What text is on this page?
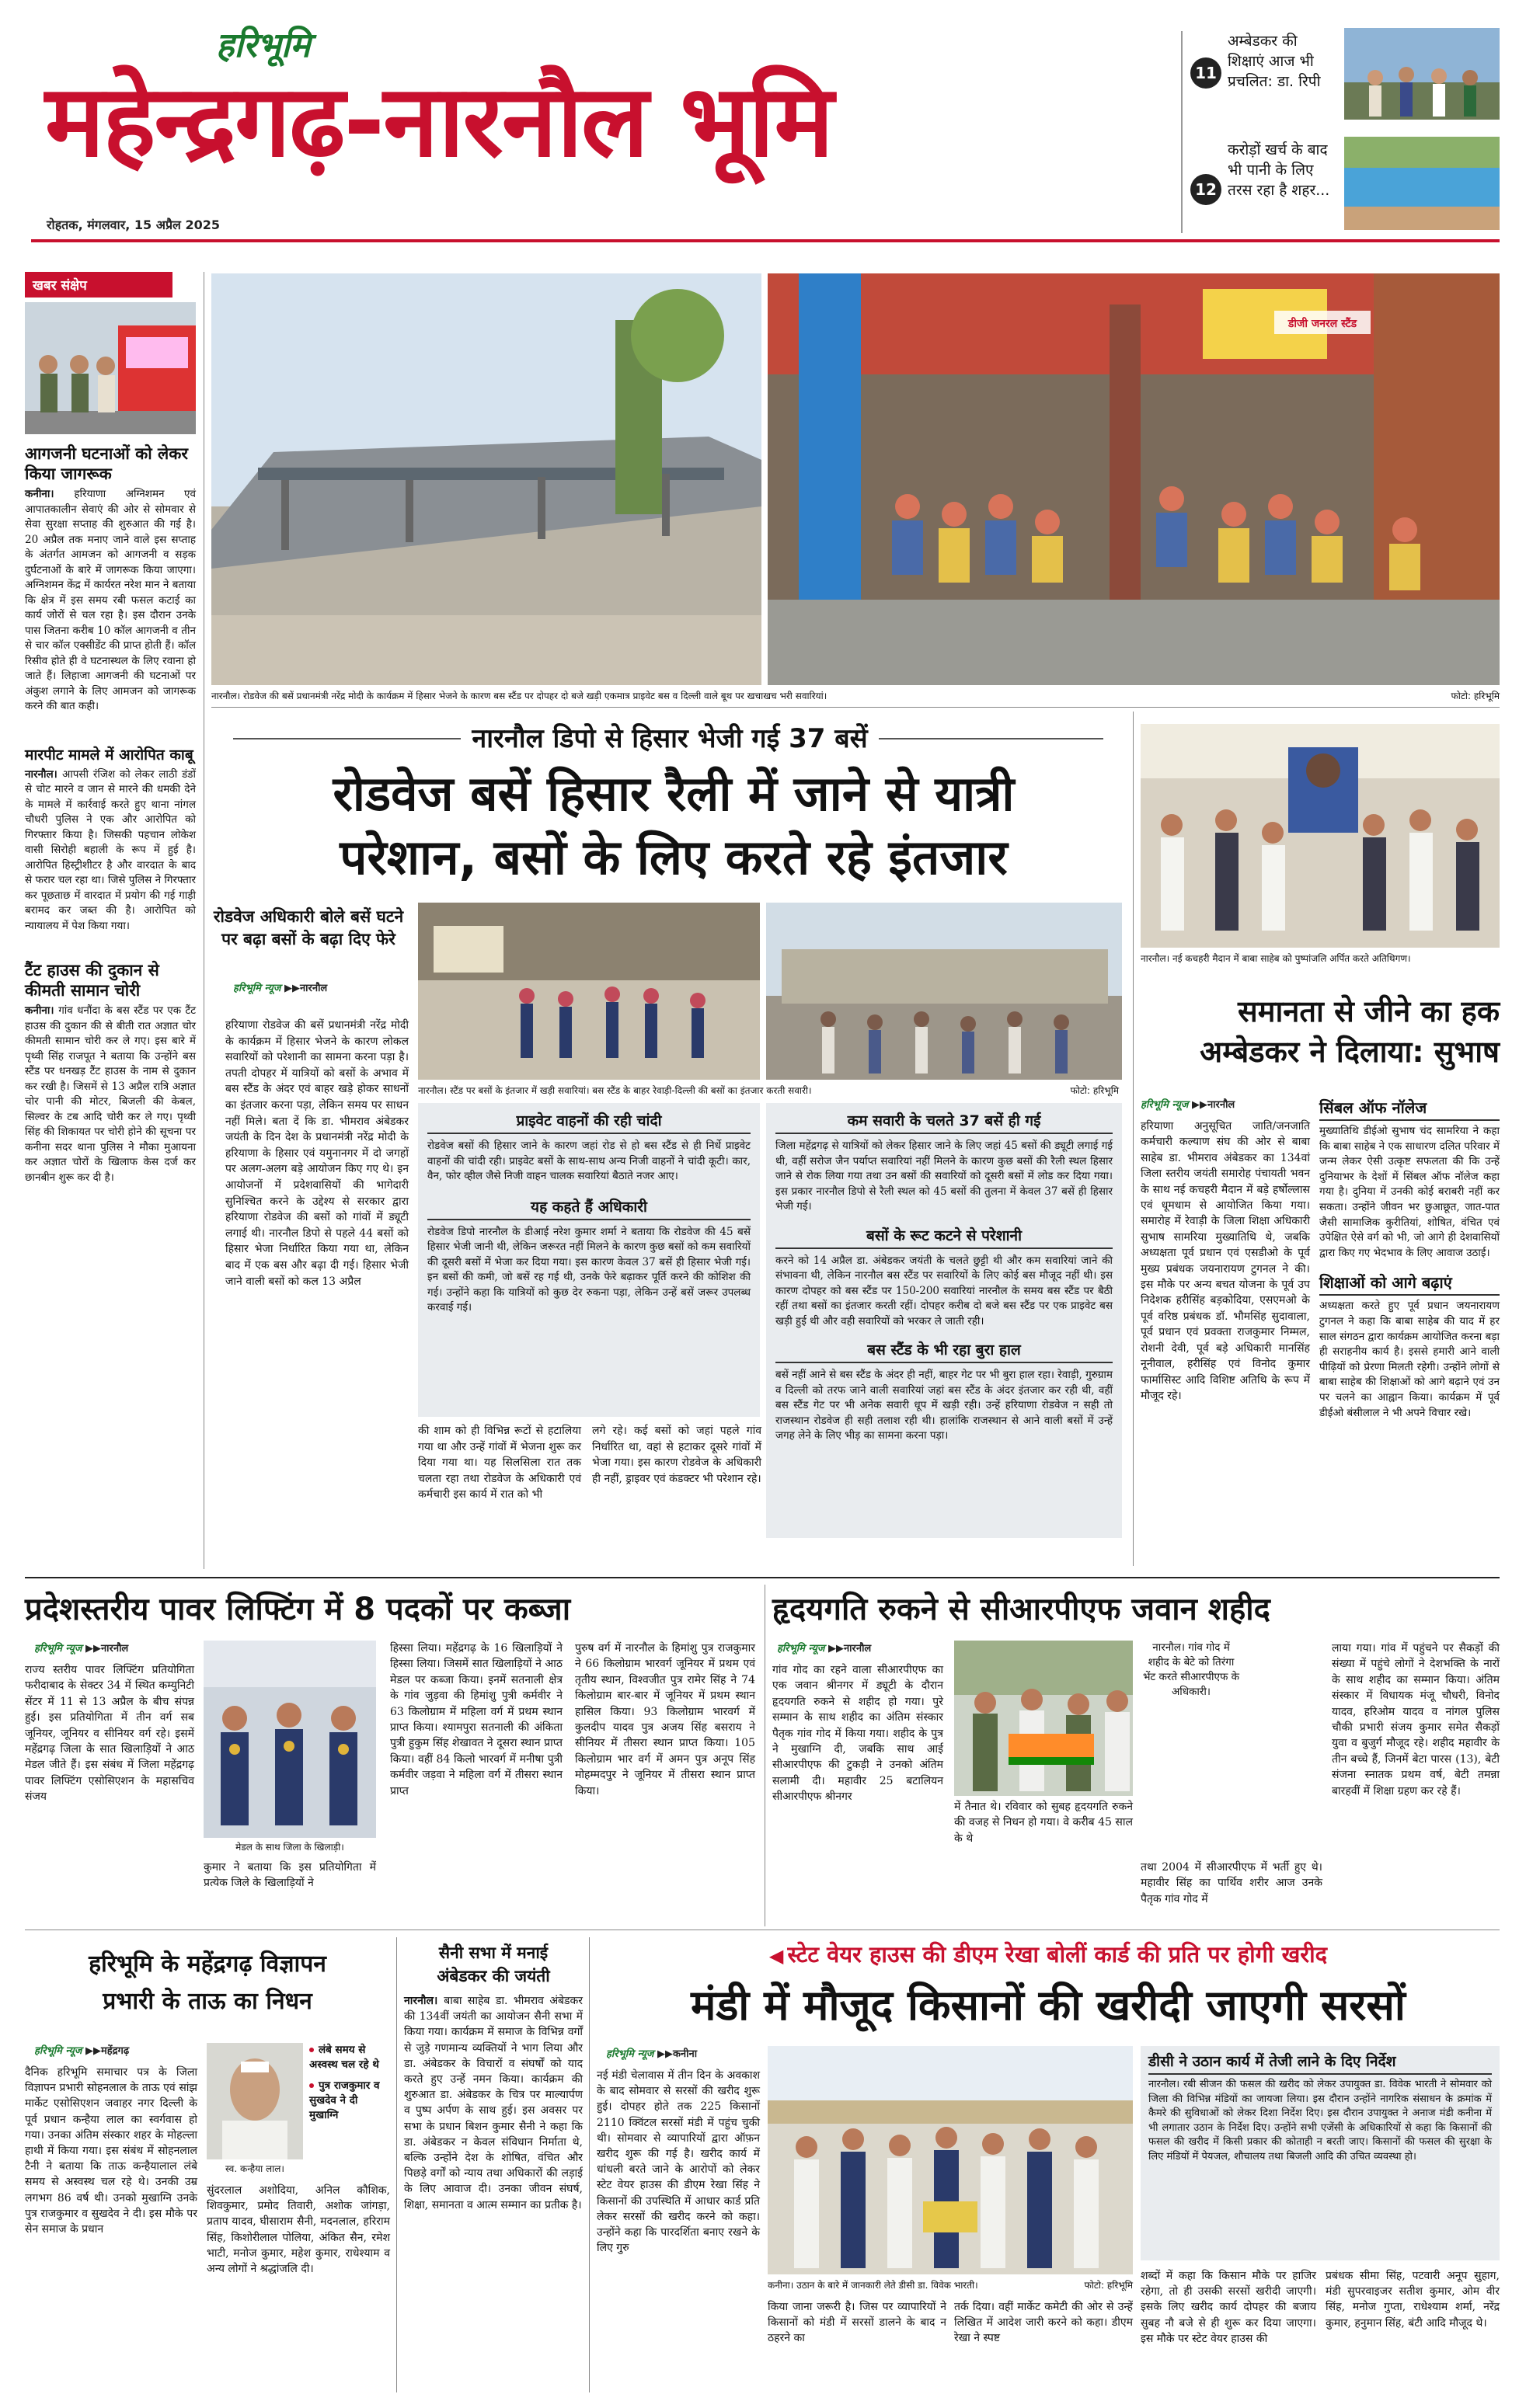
हरिभूमि
महेन्द्रगढ़-नारनौल भूमि
रोहतक, मंगलवार, 15 अप्रैल 2025
11
अम्बेडकर की शिक्षाएं आज भी प्रचलित: डा. रिपी
12
करोड़ों खर्च के बाद भी पानी के लिए तरस रहा है शहर...
खबर संक्षेप
आगजनी घटनाओं को लेकर किया जागरूक
कनीना। हरियाणा अग्निशमन एवं आपातकालीन सेवाएं की ओर से सोमवार से सेवा सुरक्षा सप्ताह की शुरुआत की गई है। 20 अप्रैल तक मनाए जाने वाले इस सप्ताह के अंतर्गत आमजन को आगजनी व सड़क दुर्घटनाओं के बारे में जागरूक किया जाएगा। अग्निशमन केंद्र में कार्यरत नरेश मान ने बताया कि क्षेत्र में इस समय रबी फसल कटाई का कार्य जोरों से चल रहा है। इस दौरान उनके पास जितना करीब 10 कॉल आगजनी व तीन से चार कॉल एक्सीडेंट की प्राप्त होती हैं। कॉल रिसीव होते ही वे घटनास्थल के लिए रवाना हो जाते हैं। लिहाजा आगजनी की घटनाओं पर अंकुश लगाने के लिए आमजन को जागरूक करने की बात कही।
मारपीट मामले में आरोपित काबू
नारनौल। आपसी रंजिश को लेकर लाठी डंडों से चोट मारने व जान से मारने की धमकी देने के मामले में कार्रवाई करते हुए थाना नांगल चौधरी पुलिस ने एक और आरोपित को गिरफ्तार किया है। जिसकी पहचान लोकेश वासी सिरोही बहाली के रूप में हुई है। आरोपित हिस्ट्रीशीटर है और वारदात के बाद से फरार चल रहा था। जिसे पुलिस ने गिरफ्तार कर पूछताछ में वारदात में प्रयोग की गई गाड़ी बरामद कर जब्त की है। आरोपित को न्यायालय में पेश किया गया।
टैंट हाउस की दुकान से कीमती सामान चोरी
कनीना। गांव धनौंदा के बस स्टैंड पर एक टैंट हाउस की दुकान की से बीती रात अज्ञात चोर कीमती सामान चोरी कर ले गए। इस बारे में पृथ्वी सिंह राजपूत ने बताया कि उन्होंने बस स्टैंड पर धनखड़ टैंट हाउस के नाम से दुकान कर रखी है। जिसमें से 13 अप्रैल रात्रि अज्ञात चोर पानी की मोटर, बिजली की केबल, सिल्वर के टब आदि चोरी कर ले गए। पृथ्वी सिंह की शिकायत पर चोरी होने की सूचना पर कनीना सदर थाना पुलिस ने मौका मुआयना कर अज्ञात चोरों के खिलाफ केस दर्ज कर छानबीन शुरू कर दी है।
डीजी जनरल स्टैंड
नारनौल। रोडवेज की बसें प्रधानमंत्री नरेंद्र मोदी के कार्यक्रम में हिसार भेजने के कारण बस स्टैंड पर दोपहर दो बजे खड़ी एकमात्र प्राइवेट बस व दिल्ली वाले बूथ पर खचाखच भरी सवारियां।	फोटो: हरिभूमि
नारनौल डिपो से हिसार भेजी गई 37 बसें
रोडवेज बसें हिसार रैली में जाने से यात्री
परेशान, बसों के लिए करते रहे इंतजार
रोडवेज अधिकारी बोले बसें घटने पर बढ़ा बसों के बढ़ा दिए फेरे
हरिभूमि न्यूज ▶▶नारनौल
नारनौल। स्टैंड पर बसों के इंतजार में खड़ी सवारियां। बस स्टैंड के बाहर रेवाड़ी-दिल्ली की बसों का इंतजार करती सवारी।	फोटो: हरिभूमि
हरियाणा रोडवेज की बसें प्रधानमंत्री नरेंद्र मोदी के कार्यक्रम में हिसार भेजने के कारण लोकल सवारियों को परेशानी का सामना करना पड़ा है। तपती दोपहर में यात्रियों को बसों के अभाव में बस स्टैंड के अंदर एवं बाहर खड़े होकर साधनों का इंतजार करना पड़ा, लेकिन समय पर साधन नहीं मिले। बता दें कि डा. भीमराव अंबेडकर जयंती के दिन देश के प्रधानमंत्री नरेंद्र मोदी के हरियाणा के हिसार एवं यमुनानगर में दो जगहों पर अलग-अलग बड़े आयोजन किए गए थे। इन आयोजनों में प्रदेशवासियों की भागेदारी सुनिश्चित करने के उद्देश्य से सरकार द्वारा हरियाणा रोडवेज की बसों को गांवों में ड्यूटी लगाई थी। नारनौल डिपो से पहले 44 बसों को हिसार भेजा निर्धारित किया गया था, लेकिन बाद में एक बस और बढ़ा दी गई। हिसार भेजी जाने वाली बसों को कल 13 अप्रैल
की शाम को ही विभिन्न रूटों से हटालिया गया था और उन्हें गांवों में भेजना शुरू कर दिया गया था। यह सिलसिला रात तक चलता रहा तथा रोडवेज के अधिकारी एवं कर्मचारी इस कार्य में रात को भी
लगे रहे। कई बसों को जहां पहले गांव निर्धारित था, वहां से हटाकर दूसरे गांवों में भेजा गया। इस कारण रोडवेज के अधिकारी ही नहीं, ड्राइवर एवं कंडक्टर भी परेशान रहे।
प्राइवेट वाहनों की रही चांदी
रोडवेज बसों की हिसार जाने के कारण जहां रोड से हो बस स्टैंड से ही निर्धे प्राइवेट वाहनों की चांदी रही। प्राइवेट बसों के साथ-साथ अन्य निजी वाहनों ने चांदी कूटी। कार, वैन, फोर व्हील जैसे निजी वाहन चालक सवारियां बैठाते नजर आए।
यह कहते हैं अधिकारी
रोडवेज डिपो नारनौल के डीआई नरेश कुमार शर्मा ने बताया कि रोडवेज की 45 बसें हिसार भेजी जानी थी, लेकिन जरूरत नहीं मिलने के कारण कुछ बसों को कम सवारियों की दूसरी बसों में भेजा कर दिया गया। इस कारण केवल 37 बसें ही हिसार भेजी गई। इन बसों की कमी, जो बसें रह गई थी, उनके फेरे बढ़ाकर पूर्ति करने की कोशिश की गई। उन्होंने कहा कि यात्रियों को कुछ देर रुकना पड़ा, लेकिन उन्हें बसें जरूर उपलब्ध करवाई गई।
कम सवारी के चलते 37 बसें ही गई
जिला महेंद्रगढ़ से यात्रियों को लेकर हिसार जाने के लिए जहां 45 बसों की ड्यूटी लगाई गई थी, वहीं सरोज जैन पर्याप्त सवारियां नहीं मिलने के कारण कुछ बसों की रैली स्थल हिसार जाने से रोक लिया गया तथा उन बसों की सवारियों को दूसरी बसों में लोड कर दिया गया। इस प्रकार नारनौल डिपो से रैली स्थल को 45 बसों की तुलना में केवल 37 बसें ही हिसार भेजी गई।
बसों के रूट कटने से परेशानी
करने को 14 अप्रैल डा. अंबेडकर जयंती के चलते छुट्टी थी और कम सवारियां जाने की संभावना थी, लेकिन नारनौल बस स्टैंड पर सवारियों के लिए कोई बस मौजूद नहीं थी। इस कारण दोपहर को बस स्टैंड पर 150-200 सवारियां नारनौल के समय बस स्टैंड पर बैठी रहीं तथा बसों का इंतजार करती रहीं। दोपहर करीब दो बजे बस स्टैंड पर एक प्राइवेट बस खड़ी हुई थी और वही सवारियों को भरकर ले जाती रही।
बस स्टैंड के भी रहा बुरा हाल
बसें नहीं आने से बस स्टैंड के अंदर ही नहीं, बाहर गेट पर भी बुरा हाल रहा। रेवाड़ी, गुरुग्राम व दिल्ली को तरफ जाने वाली सवारियां जहां बस स्टैंड के अंदर इंतजार कर रही थी, वहीं बस स्टैंड गेट पर भी अनेक सवारी धूप में खड़ी रही। उन्हें हरियाणा रोडवेज न सही तो राजस्थान रोडवेज ही सही तलाश रही थी। हालांकि राजस्थान से आने वाली बसों में उन्हें जगह लेने के लिए भीड़ का सामना करना पड़ा।
नारनौल। नई कचहरी मैदान में बाबा साहेब को पुष्पांजलि अर्पित करते अतिथिगण।
समानता से जीने का हक
अम्बेडकर ने दिलाया: सुभाष
हरिभूमि न्यूज ▶▶नारनौल
हरियाणा अनुसूचित जाति/जनजाति कर्मचारी कल्याण संघ की ओर से बाबा साहेब डा. भीमराव अंबेडकर का 134वां जिला स्तरीय जयंती समारोह पंचायती भवन के साथ नई कचहरी मैदान में बड़े हर्षोल्लास एवं धूमधाम से आयोजित किया गया। समारोह में रेवाड़ी के जिला शिक्षा अधिकारी सुभाष सामरिया मुख्यातिथि थे, जबकि अध्यक्षता पूर्व प्रधान एवं एसडीओ के पूर्व मुख्य प्रबंधक जयनारायण टुगनल ने की। इस मौके पर अन्य बचत योजना के पूर्व उप निदेशक हरीसिंह बड़कोदिया, एसएमओ के पूर्व वरिष्ठ प्रबंधक डॉ. भौमसिंह सुदावाला, पूर्व प्रधान एवं प्रवक्ता राजकुमार निम्मल, रोशनी देवी, पूर्व बड़े अधिकारी मानसिंह नूनीवाल, हरीसिंह एवं विनोद कुमार फार्मासिस्ट आदि विशिष्ट अतिथि के रूप में मौजूद रहे।
सिंबल ऑफ नॉलेज
मुख्यातिथि डीईओ सुभाष चंद सामरिया ने कहा कि बाबा साहेब ने एक साधारण दलित परिवार में जन्म लेकर ऐसी उत्कृष्ट सफलता की कि उन्हें दुनियाभर के देशों में सिंबल ऑफ नॉलेज कहा गया है। दुनिया में उनकी कोई बराबरी नहीं कर सकता। उन्होंने जीवन भर छुआछूत, जात-पात जैसी सामाजिक कुरीतियां, शोषित, वंचित एवं उपेक्षित ऐसे वर्ग को भी, जो आगे ही देशवासियों द्वारा किए गए भेदभाव के लिए आवाज उठाई।
शिक्षाओं को आगे बढ़ाएं
अध्यक्षता करते हुए पूर्व प्रधान जयनारायण टुगनल ने कहा कि बाबा साहेब की याद में हर साल संगठन द्वारा कार्यक्रम आयोजित करना बड़ा ही सराहनीय कार्य है। इससे हमारी आने वाली पीढ़ियों को प्रेरणा मिलती रहेगी। उन्होंने लोगों से बाबा साहेब की शिक्षाओं को आगे बढ़ाने एवं उन पर चलने का आह्वान किया। कार्यक्रम में पूर्व डीईओ बंसीलाल ने भी अपने विचार रखे।
प्रदेशस्तरीय पावर लिफ्टिंग में 8 पदकों पर कब्जा
हरिभूमि न्यूज ▶▶नारनौल
राज्य स्तरीय पावर लिफ्टिंग प्रतियोगिता फरीदाबाद के सेक्टर 34 में स्थित कम्युनिटी सेंटर में 11 से 13 अप्रैल के बीच संपन्न हुई। इस प्रतियोगिता में तीन वर्ग सब जूनियर, जूनियर व सीनियर वर्ग रहे। इसमें महेंद्रगढ़ जिला के सात खिलाड़ियों ने आठ मेडल जीते हैं। इस संबंध में जिला महेंद्रगढ़ पावर लिफ्टिंग एसोसिएशन के महासचिव संजय
मेडल के साथ जिला के खिलाड़ी।
कुमार ने बताया कि इस प्रतियोगिता में प्रत्येक जिले के खिलाड़ियों ने
हिस्सा लिया। महेंद्रगढ़ के 16 खिलाड़ियों ने हिस्सा लिया। जिसमें सात खिलाड़ियों ने आठ मेडल पर कब्जा किया। इनमें सतनाली क्षेत्र के गांव जुड़वा की हिमांशु पुत्री कर्मवीर ने 63 किलोग्राम में महिला वर्ग में प्रथम स्थान प्राप्त किया। श्यामपुरा सतनाली की अंकिता पुत्री हुकुम सिंह शेखावत ने दूसरा स्थान प्राप्त किया। वहीं 84 किलो भारवर्ग में मनीषा पुत्री कर्मवीर जड़वा ने महिला वर्ग में तीसरा स्थान प्राप्त
पुरुष वर्ग में नारनौल के हिमांशु पुत्र राजकुमार ने 66 किलोग्राम भारवर्ग जूनियर में प्रथम एवं तृतीय स्थान, विश्वजीत पुत्र रामेर सिंह ने 74 किलोग्राम बार-बार में जूनियर में प्रथम स्थान हासिल किया। 93 किलोग्राम भारवर्ग में कुलदीप यादव पुत्र अजय सिंह बसराय ने सीनियर में तीसरा स्थान प्राप्त किया। 105 किलोग्राम भार वर्ग में अमन पुत्र अनूप सिंह मोहम्मदपुर ने जूनियर में तीसरा स्थान प्राप्त किया।
हृदयगति रुकने से सीआरपीएफ जवान शहीद
हरिभूमि न्यूज ▶▶नारनौल
गांव गोद का रहने वाला सीआरपीएफ का एक जवान श्रीनगर में ड्यूटी के दौरान हृदयगति रुकने से शहीद हो गया। पुरे सम्मान के साथ शहीद का अंतिम संस्कार पैतृक गांव गोद में किया गया। शहीद के पुत्र ने मुखाग्नि दी, जबकि साथ आई सीआरपीएफ की टुकड़ी ने उनको अंतिम सलामी दी। महावीर 25 बटालियन सीआरपीएफ श्रीनगर
नारनौल। गांव गोद में शहीद के बेटे को तिरंगा भेंट करते सीआरपीएफ के अधिकारी।
में तैनात थे। रविवार को सुबह हृदयगति रुकने की वजह से निधन हो गया। वे करीब 45 साल के थे
तथा 2004 में सीआरपीएफ में भर्ती हुए थे। महावीर सिंह का पार्थिव शरीर आज उनके पैतृक गांव गोद में
लाया गया। गांव में पहुंचने पर सैकड़ों की संख्या में पहुंचे लोगों ने देशभक्ति के नारों के साथ शहीद का सम्मान किया। अंतिम संस्कार में विधायक मंजू चौधरी, विनोद यादव, हरिओम यादव व नांगल पुलिस चौकी प्रभारी संजय कुमार समेत सैकड़ों युवा व बुजुर्ग मौजूद रहे। शहीद महावीर के तीन बच्चे हैं, जिनमें बेटा पारस (13), बेटी संजना स्नातक प्रथम वर्ष, बेटी तमन्ना बारहवीं में शिक्षा ग्रहण कर रहे हैं।
हरिभूमि के महेंद्रगढ़ विज्ञापन
प्रभारी के ताऊ का निधन
हरिभूमि न्यूज ▶▶महेंद्रगढ़
दैनिक हरिभूमि समाचार पत्र के जिला विज्ञापन प्रभारी सोहनलाल के ताऊ एवं सांझ मार्केट एसोसिएशन जवाहर नगर दिल्ली के पूर्व प्रधान कन्हैया लाल का स्वर्गवास हो गया। उनका अंतिम संस्कार शहर के मोहल्ला हाथी में किया गया। इस संबंध में सोहनलाल टैनी ने बताया कि ताऊ कन्हैयालाल लंबे समय से अस्वस्थ चल रहे थे। उनकी उम्र लगभग 86 वर्ष थी। उनको मुखाग्नि उनके पुत्र राजकुमार व सुखदेव ने दी। इस मौके पर सेन समाज के प्रधान
स्व. कन्हैया लाल।
लंबे समय से अस्वस्थ चल रहे थे
पुत्र राजकुमार व सुखदेव ने दी मुखाग्नि
सुंदरलाल अशोदिया, अनिल कौशिक, शिवकुमार, प्रमोद तिवारी, अशोक जांगड़ा, प्रताप यादव, घीसाराम सैनी, मदनलाल, हरिराम सिंह, किशोरीलाल पोलिया, अंकित सैन, रमेश भाटी, मनोज कुमार, महेश कुमार, राधेश्याम व अन्य लोगों ने श्रद्धांजलि दी।
सैनी सभा में मनाई
अंबेडकर की जयंती
नारनौल। बाबा साहेब डा. भीमराव अंबेडकर की 134वीं जयंती का आयोजन सैनी सभा में किया गया। कार्यक्रम में समाज के विभिन्न वर्गों से जुड़े गणमान्य व्यक्तियों ने भाग लिया और डा. अंबेडकर के विचारों व संघर्षों को याद करते हुए उन्हें नमन किया। कार्यक्रम की शुरुआत डा. अंबेडकर के चित्र पर माल्यार्पण व पुष्प अर्पण के साथ हुई। इस अवसर पर सभा के प्रधान बिशन कुमार सैनी ने कहा कि डा. अंबेडकर न केवल संविधान निर्माता थे, बल्कि उन्होंने देश के शोषित, वंचित और पिछड़े वर्गों को न्याय तथा अधिकारों की लड़ाई के लिए आवाज दी। उनका जीवन संघर्ष, शिक्षा, समानता व आत्म सम्मान का प्रतीक है।
◀ स्टेट वेयर हाउस की डीएम रेखा बोलीं कार्ड की प्रति पर होगी खरीद
मंडी में मौजूद किसानों की खरीदी जाएगी सरसों
हरिभूमि न्यूज ▶▶कनीना
नई मंडी चेलावास में तीन दिन के अवकाश के बाद सोमवार से सरसों की खरीद शुरू हुई। दोपहर होते तक 225 किसानों 2110 क्विंटल सरसों मंडी में पहुंच चुकी थी। सोमवार से व्यापारियों द्वारा ऑफ़न खरीद शुरू की गई है। खरीद कार्य में धांधली बरते जाने के आरोपों को लेकर स्टेट वेयर हाउस की डीएम रेखा सिंह ने किसानों की उपस्थिति में आधार कार्ड प्रति लेकर सरसों की खरीद करने को कहा। उन्होंने कहा कि पारदर्शिता बनाए रखने के लिए गुरु
कनीना। उठान के बारे में जानकारी लेते डीसी डा. विवेक भारती।	फोटो: हरिभूमि
किया जाना जरूरी है। जिस पर व्यापारियों ने किसानों को मंडी में सरसों डालने के बाद न ठहरने का
तर्क दिया। वहीं मार्केट कमेटी की ओर से उन्हें लिखित में आदेश जारी करने को कहा। डीएम रेखा ने स्पष्ट
डीसी ने उठान कार्य में तेजी लाने के दिए निर्देश
नारनौल। रबी सीजन की फसल की खरीद को लेकर उपायुक्त डा. विवेक भारती ने सोमवार को जिला की विभिन्न मंडियों का जायजा लिया। इस दौरान उन्होंने नागरिक संसाधन के क्रमांक में कैमरे की सुविधाओं को लेकर दिशा निर्देश दिए। इस दौरान उपायुक्त ने अनाज मंडी कनीना में भी लगातार उठान के निर्देश दिए। उन्होंने सभी एजेंसी के अधिकारियों से कहा कि किसानों की फसल की खरीद में किसी प्रकार की कोताही न बरती जाए। किसानों की फसल की सुरक्षा के लिए मंडियों में पेयजल, शौचालय तथा बिजली आदि की उचित व्यवस्था हो।
शब्दों में कहा कि किसान मौके पर हाजिर रहेगा, तो ही उसकी सरसों खरीदी जाएगी। इसके लिए खरीद कार्य दोपहर की बजाय सुबह नौ बजे से ही शुरू कर दिया जाएगा। इस मौके पर स्टेट वेयर हाउस की
प्रबंधक सीमा सिंह, पटवारी अनूप सुहाग, मंडी सुपरवाइजर सतीश कुमार, ओम वीर सिंह, मनोज गुप्ता, राधेश्याम शर्मा, नरेंद्र कुमार, हनुमान सिंह, बंटी आदि मौजूद थे।
